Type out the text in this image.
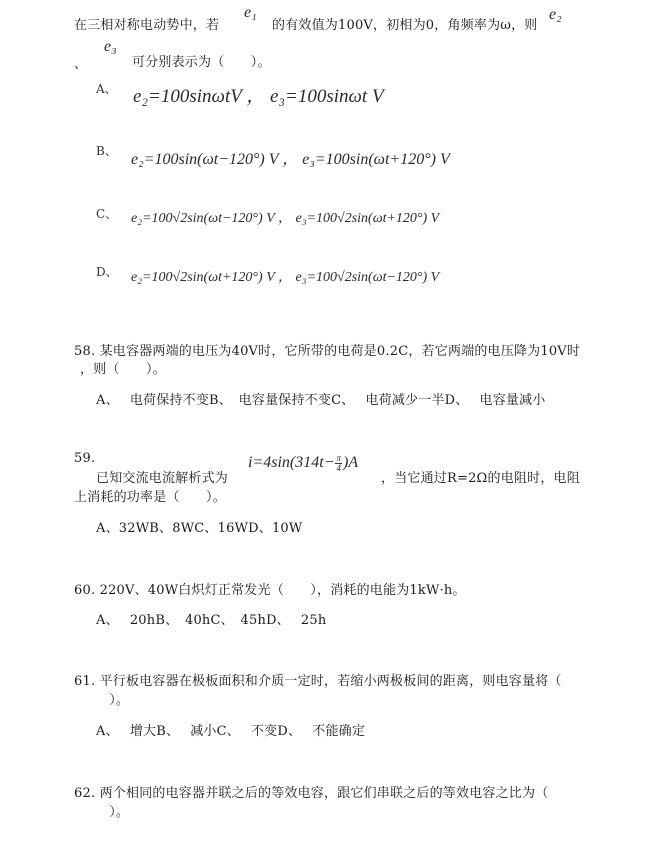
在三相对称电动势中，若
e₁
的有效值为100V，初相为0，角频率为ω，则
e₂
、
e₃
可分别表示为（　　）。
A、 e₂=100sinωtV ， e₃=100sinωt V
B、 e₂=100sin(ωt−120°) V ， e₃=100sin(ωt+120°) V
C、 e₂=100√2sin(ωt−120°) V ， e₃=100√2sin(ωt+120°) V
D、 e₂=100√2sin(ωt+120°) V ， e₃=100√2sin(ωt−120°) V
58. 某电容器两端的电压为40V时，它所带的电荷是0.2C，若它两端的电压降为10V时
，则（　　）。
A、　 电荷保持不变B、　电容量保持不变C、　 电荷减少一半D、　 电容量减小
59.
已知交流电流解析式为
$i=4\sin(314t- \frac{\pi}{4} )A$
，当它通过R=2Ω的电阻时，电阻
上消耗的功率是（　　）。
A、32WB、8WC、16WD、10W
60. 220V、40W白炽灯正常发光（　　），消耗的电能为1kW·h。
A、　 20hB、　40hC、　45hD、　 25h
61. 平行板电容器在极板面积和介质一定时，若缩小两极板间的距离，则电容量将（
　）。
A、　 增大B、　 减小C、　 不变D、　 不能确定
62. 两个相同的电容器并联之后的等效电容，跟它们串联之后的等效电容之比为（
　）。
